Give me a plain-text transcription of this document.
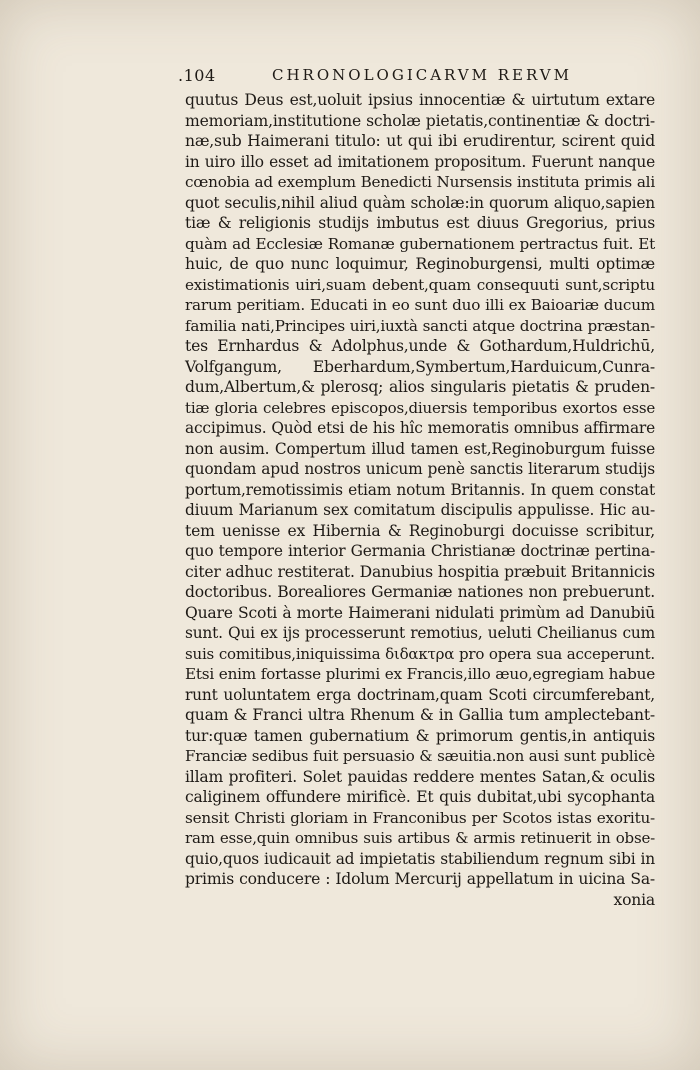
.104	CHRONOLOGICARVM RERVM
quutus Deus est,uoluit ipsius innocentiæ & uirtutum extare
memoriam,institutione scholæ pietatis,continentiæ & doctri-
næ,sub Haimerani titulo: ut qui ibi erudirentur, scirent quid
in uiro illo esset ad imitationem propositum. Fuerunt nanque
cœnobia ad exemplum Benedicti Nursensis instituta primis ali
quot seculis,nihil aliud quàm scholæ:in quorum aliquo,sapien
tiæ & religionis studijs imbutus est diuus Gregorius, prius
quàm ad Ecclesiæ Romanæ gubernationem pertractus fuit. Et
huic, de quo nunc loquimur, Reginoburgensi, multi optimæ
existimationis uiri,suam debent,quam consequuti sunt,scriptu
rarum peritiam. Educati in eo sunt duo illi ex Baioariæ ducum
familia nati,Principes uiri,iuxtà sancti atque doctrina præstan-
tes Ernhardus & Adolphus,unde & Gothardum,Huldrichū,
Volfgangum, Eberhardum,Symbertum,Harduicum,Cunra-
dum,Albertum,& plerosq; alios singularis pietatis & pruden-
tiæ gloria celebres episcopos,diuersis temporibus exortos esse
accipimus. Quòd etsi de his hîc memoratis omnibus affirmare
non ausim. Compertum illud tamen est,Reginoburgum fuisse
quondam apud nostros unicum penè sanctis literarum studijs
portum,remotissimis etiam notum Britannis. In quem constat
diuum Marianum sex comitatum discipulis appulisse. Hic au-
tem uenisse ex Hibernia & Reginoburgi docuisse scribitur,
quo tempore interior Germania Christianæ doctrinæ pertina-
citer adhuc restiterat. Danubius hospitia præbuit Britannicis
doctoribus. Borealiores Germaniæ nationes non prebuerunt.
Quare Scoti à morte Haimerani nidulati primùm ad Danubiū
sunt. Qui ex ijs processerunt remotius, ueluti Cheilianus cum
suis comitibus,iniquissima διδακτρα pro opera sua acceperunt.
Etsi enim fortasse plurimi ex Francis,illo æuo,egregiam habue
runt uoluntatem erga doctrinam,quam Scoti circumferebant,
quam & Franci ultra Rhenum & in Gallia tum amplectebant-
tur:quæ tamen gubernatium & primorum gentis,in antiquis
Franciæ sedibus fuit persuasio & sæuitia.non ausi sunt publicè
illam profiteri. Solet pauidas reddere mentes Satan,& oculis
caliginem offundere mirificè. Et quis dubitat,ubi sycophanta
sensit Christi gloriam in Franconibus per Scotos istas exoritu-
ram esse,quin omnibus suis artibus & armis retinuerit in obse-
quio,quos iudicauit ad impietatis stabiliendum regnum sibi in
primis conducere : Idolum Mercurij appellatum in uicina Sa-
xonia
